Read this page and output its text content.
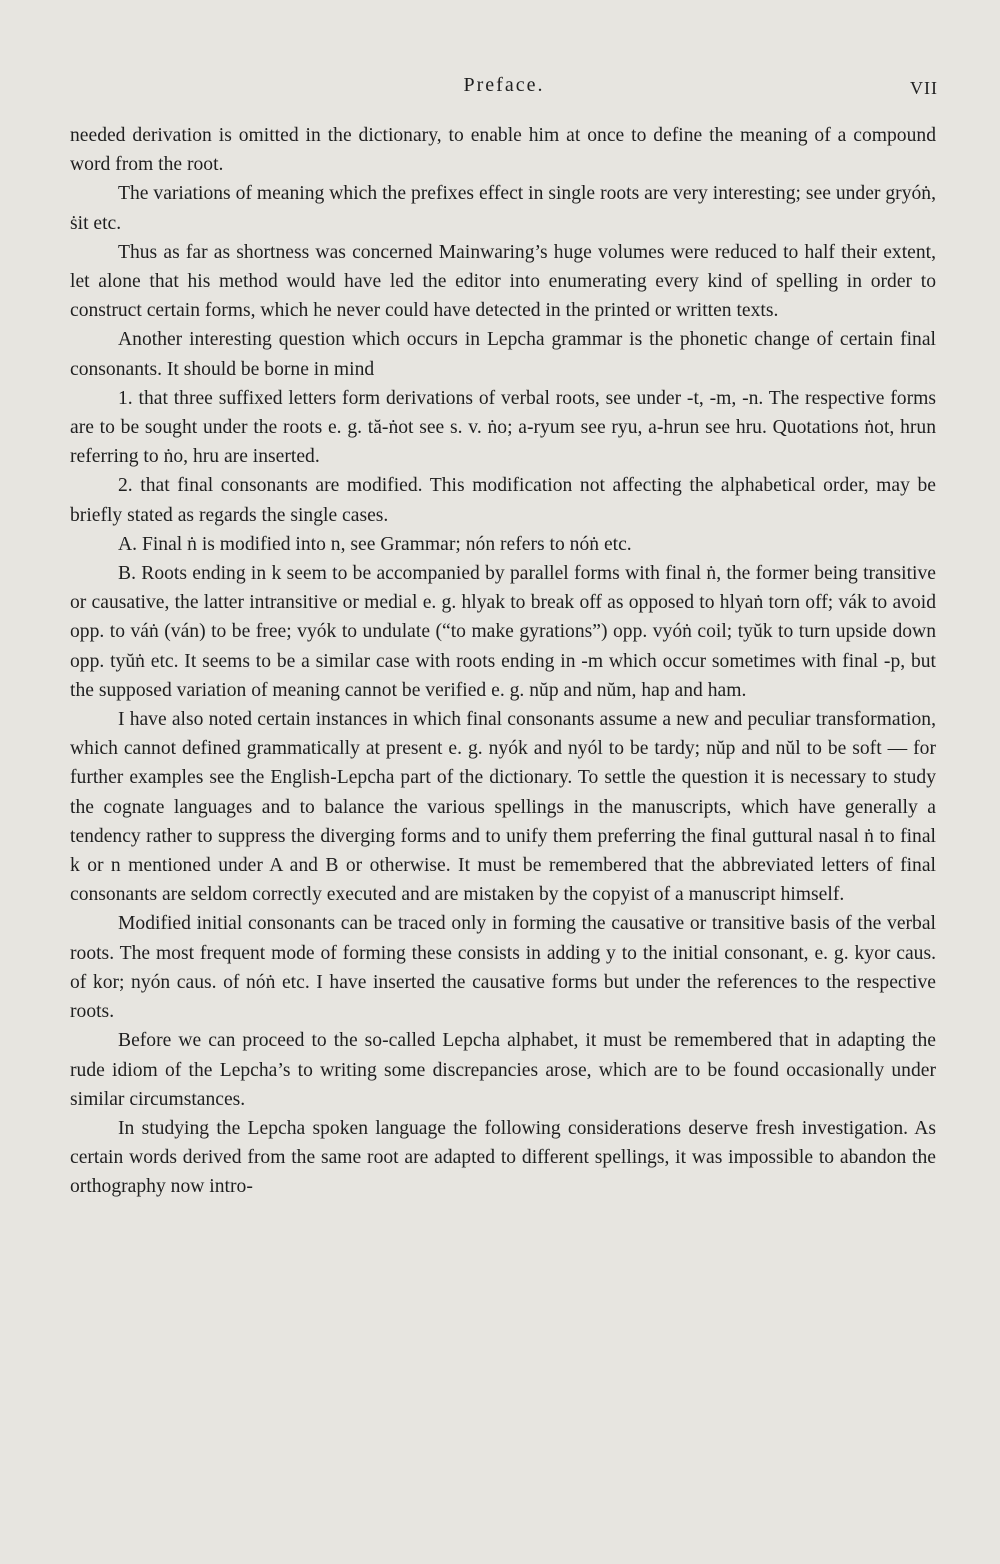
Preface.	VII

needed derivation is omitted in the dictionary, to enable him at once to define the meaning of a compound word from the root.

The variations of meaning which the prefixes effect in single roots are very interesting; see under gryóṅ, ṡit etc.

Thus as far as shortness was concerned Mainwaring’s huge volumes were reduced to half their extent, let alone that his method would have led the editor into enumerating every kind of spelling in order to construct certain forms, which he never could have detected in the printed or written texts.

Another interesting question which occurs in Lepcha grammar is the phonetic change of certain final consonants. It should be borne in mind

1. that three suffixed letters form derivations of verbal roots, see under -t, -m, -n. The respective forms are to be sought under the roots e. g. tă-ṅot see s. v. ṅo; a-ryum see ryu, a-hrun see hru. Quotations ṅot, hrun referring to ṅo, hru are inserted.

2. that final consonants are modified. This modification not affecting the alphabetical order, may be briefly stated as regards the single cases.

A. Final ṅ is modified into n, see Grammar; nón refers to nóṅ etc.

B. Roots ending in k seem to be accompanied by parallel forms with final ṅ, the former being transitive or causative, the latter intransitive or medial e. g. hlyak to break off as opposed to hlyaṅ torn off; vák to avoid opp. to váṅ (ván) to be free; vyók to undulate (“to make gyrations”) opp. vyóṅ coil; tyŭk to turn upside down opp. tyŭṅ etc. It seems to be a similar case with roots ending in -m which occur sometimes with final -p, but the supposed variation of meaning cannot be verified e. g. nŭp and nŭm, hap and ham.

I have also noted certain instances in which final consonants assume a new and peculiar transformation, which cannot defined grammatically at present e. g. nyók and nyól to be tardy; nŭp and nŭl to be soft — for further examples see the English-Lepcha part of the dictionary. To settle the question it is necessary to study the cognate languages and to balance the various spellings in the manuscripts, which have generally a tendency rather to suppress the diverging forms and to unify them preferring the final guttural nasal ṅ to final k or n mentioned under A and B or otherwise. It must be remembered that the abbreviated letters of final consonants are seldom correctly executed and are mistaken by the copyist of a manuscript himself.

Modified initial consonants can be traced only in forming the causative or transitive basis of the verbal roots. The most frequent mode of forming these consists in adding y to the initial consonant, e. g. kyor caus. of kor; nyón caus. of nóṅ etc. I have inserted the causative forms but under the references to the respective roots.

Before we can proceed to the so-called Lepcha alphabet, it must be remembered that in adapting the rude idiom of the Lepcha’s to writing some discrepancies arose, which are to be found occasionally under similar circumstances.

In studying the Lepcha spoken language the following considerations deserve fresh investigation. As certain words derived from the same root are adapted to different spellings, it was impossible to abandon the orthography now intro-
